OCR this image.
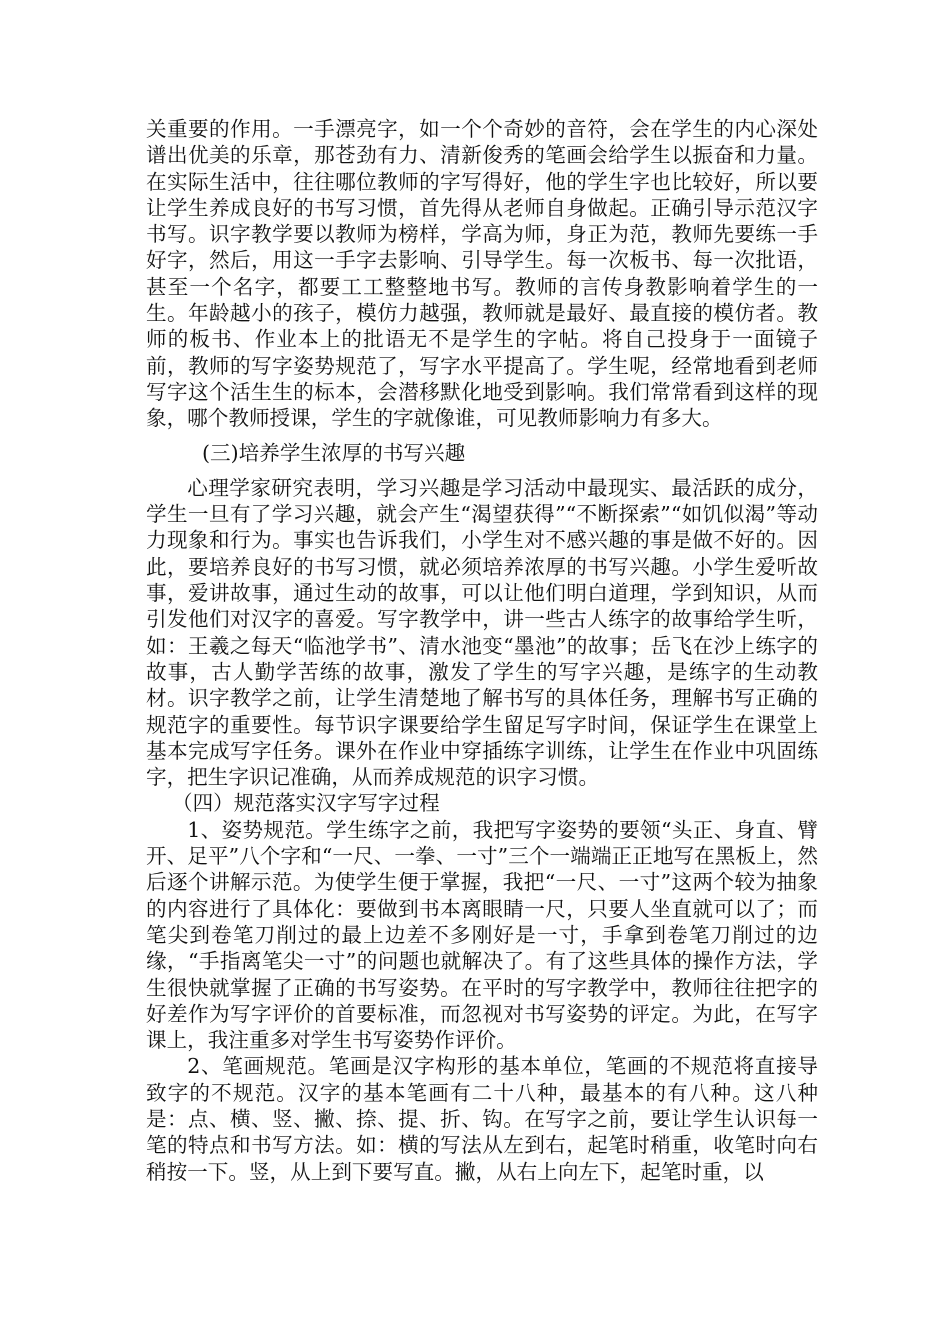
关重要的作用。一手漂亮字，如一个个奇妙的音符，会在学生的内心深处谱出优美的乐章，那苍劲有力、清新俊秀的笔画会给学生以振奋和力量。在实际生活中，往往哪位教师的字写得好，他的学生字也比较好，所以要让学生养成良好的书写习惯，首先得从老师自身做起。正确引导示范汉字书写。识字教学要以教师为榜样，学高为师，身正为范，教师先要练一手好字，然后，用这一手字去影响、引导学生。每一次板书、每一次批语，甚至一个名字，都要工工整整地书写。教师的言传身教影响着学生的一生。年龄越小的孩子，模仿力越强，教师就是最好、最直接的模仿者。教师的板书、作业本上的批语无不是学生的字帖。将自己投身于一面镜子前，教师的写字姿势规范了，写字水平提高了。学生呢，经常地看到老师写字这个活生生的标本，会潜移默化地受到影响。我们常常看到这样的现象，哪个教师授课，学生的字就像谁，可见教师影响力有多大。

(三)培养学生浓厚的书写兴趣

心理学家研究表明，学习兴趣是学习活动中最现实、最活跃的成分，学生一旦有了学习兴趣，就会产生“渴望获得”“不断探索”“如饥似渴”等动力现象和行为。事实也告诉我们，小学生对不感兴趣的事是做不好的。因此，要培养良好的书写习惯，就必须培养浓厚的书写兴趣。小学生爱听故事，爱讲故事，通过生动的故事，可以让他们明白道理，学到知识，从而引发他们对汉字的喜爱。写字教学中，讲一些古人练字的故事给学生听，如：王羲之每天“临池学书”、清水池变“墨池”的故事；岳飞在沙上练字的故事，古人勤学苦练的故事，激发了学生的写字兴趣，是练字的生动教材。识字教学之前，让学生清楚地了解书写的具体任务，理解书写正确的规范字的重要性。每节识字课要给学生留足写字时间，保证学生在课堂上基本完成写字任务。课外在作业中穿插练字训练，让学生在作业中巩固练字，把生字识记准确，从而养成规范的识字习惯。

（四）规范落实汉字写字过程

1、姿势规范。学生练字之前，我把写字姿势的要领“头正、身直、臂开、足平”八个字和“一尺、一拳、一寸”三个一端端正正地写在黑板上，然后逐个讲解示范。为使学生便于掌握，我把“一尺、一寸”这两个较为抽象的内容进行了具体化：要做到书本离眼睛一尺，只要人坐直就可以了；而笔尖到卷笔刀削过的最上边差不多刚好是一寸，手拿到卷笔刀削过的边缘，“手指离笔尖一寸”的问题也就解决了。有了这些具体的操作方法，学生很快就掌握了正确的书写姿势。在平时的写字教学中，教师往往把字的好差作为写字评价的首要标准，而忽视对书写姿势的评定。为此，在写字课上，我注重多对学生书写姿势作评价。

2、笔画规范。笔画是汉字构形的基本单位，笔画的不规范将直接导致字的不规范。汉字的基本笔画有二十八种，最基本的有八种。这八种是：点、横、竖、撇、捺、提、折、钩。在写字之前，要让学生认识每一笔的特点和书写方法。如：横的写法从左到右，起笔时稍重，收笔时向右稍按一下。竖，从上到下要写直。撇，从右上向左下，起笔时重，以
